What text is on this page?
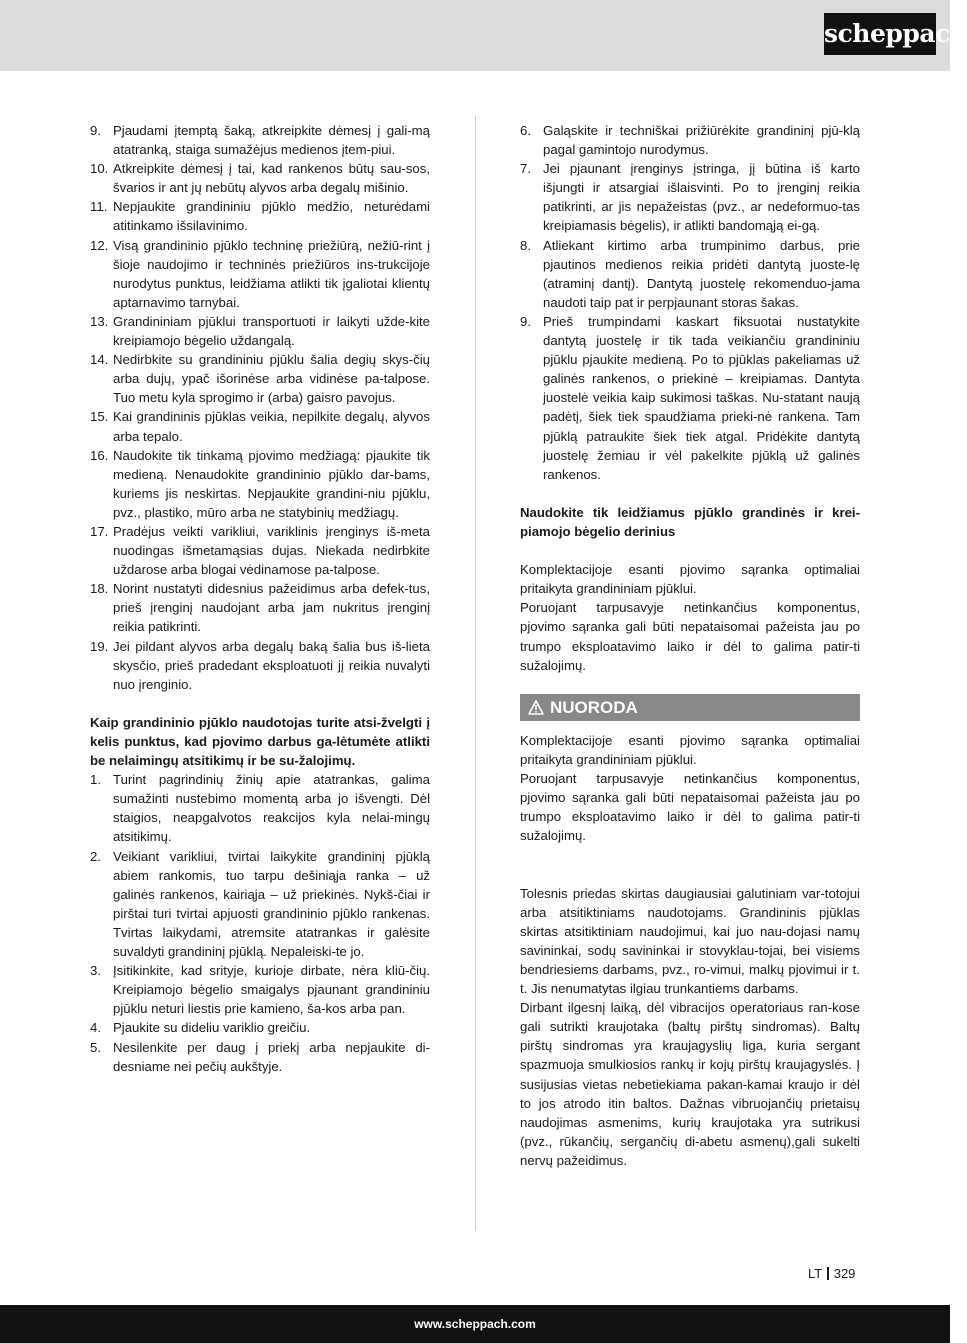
scheppach
9. Pjaudami įtemptą šaką, atkreipkite dėmesį į gali-mą atatranką, staiga sumažėjus medienos įtem-piui.
10. Atkreipkite dėmesį į tai, kad rankenos būtų sau-sos, švarios ir ant jų nebūtų alyvos arba degalų mišinio.
11. Nepjaukite grandininiu pjūklo medžio, neturėdami atitinkamo išsilavinimo.
12. Visą grandininio pjūklo techninę priežiūrą, nežiū-rint į šioje naudojimo ir techninės priežiūros ins-trukcijoje nurodytus punktus, leidžiama atlikti tik įgaliotai klientų aptarnavimo tarnybai.
13. Grandininiam pjūklui transportuoti ir laikyti užde-kite kreipiamojo bėgelio uždangalą.
14. Nedirbkite su grandininiu pjūklu šalia degių skys-čių arba dujų, ypač išorinėse arba vidinėse pa-talpose. Tuo metu kyla sprogimo ir (arba) gaisro pavojus.
15. Kai grandininis pjūklas veikia, nepilkite degalų, alyvos arba tepalo.
16. Naudokite tik tinkamą pjovimo medžiagą: pjaukite tik medieną. Nenaudokite grandininio pjūklo dar-bams, kuriems jis neskirtas. Nepjaukite grandini-niu pjūklu, pvz., plastiko, mūro arba ne statybinių medžiagų.
17. Pradėjus veikti varikliui, variklinis įrenginys iš-meta nuodingas išmetamąsias dujas. Niekada nedirbkite uždarose arba blogai vėdinamose pa-talpose.
18. Norint nustatyti didesnius pažeidimus arba defek-tus, prieš įrenginį naudojant arba jam nukritus įrenginį reikia patikrinti.
19. Jei pildant alyvos arba degalų baką šalia bus iš-lieta skysčio, prieš pradedant eksploatuoti jį reikia nuvalyti nuo įrenginio.

Kaip grandininio pjūklo naudotojas turite atsi-žvelgti į kelis punktus, kad pjovimo darbus ga-lėtumėte atlikti be nelaimingų atsitikimų ir be su-žalojimų.

1. Turint pagrindinių žinių apie atatrankas, galima sumažinti nustebimo momentą arba jo išvengti. Dėl staigios, neapgalvotos reakcijos kyla nelai-mingų atsitikimų.
2. Veikiant varikliui, tvirtai laikykite grandininį pjūklą abiem rankomis, tuo tarpu dešiniąja ranka – už galinės rankenos, kairiąja – už priekinės. Nykš-čiai ir pirštai turi tvirtai apjuosti grandininio pjūklo rankenas. Tvirtas laikydami, atremsite atatrankas ir galėsite suvaldyti grandininį pjūklą. Nepaleiski-te jo.
3. Įsitikinkite, kad srityje, kurioje dirbate, nėra kliū-čių. Kreipiamojo bėgelio smaigalys pjaunant grandininiu pjūklu neturi liestis prie kamieno, ša-kos arba pan.
4. Pjaukite su dideliu variklio greičiu.
5. Nesilenkite per daug į priekį arba nepjaukite di-desniame nei pečių aukštyje.
6. Galąskite ir techniškai prižiūrėkite grandininį pjū-klą pagal gamintojo nurodymus.
7. Jei pjaunant įrenginys įstringa, jį būtina iš karto išjungti ir atsargiai išlaisvinti. Po to įrenginį reikia patikrinti, ar jis nepažeistas (pvz., ar nedeformuo-tas kreipiamasis bėgelis), ir atlikti bandomąją ei-gą.
8. Atliekant kirtimo arba trumpinimo darbus, prie pjautinos medienos reikia pridėti dantytą juoste-lę (atraminį dantį). Dantytą juostelę rekomenduo-jama naudoti taip pat ir perpjaunant storas šakas.
9. Prieš trumpindami kaskart fiksuotai nustatykite dantytą juostelę ir tik tada veikiančiu grandininiu pjūklu pjaukite medieną. Po to pjūklas pakeliamas už galinės rankenos, o priekinė – kreipiamas. Dantyta juostelė veikia kaip sukimosi taškas. Nu-statant naują padėtį, šiek tiek spaudžiama prieki-nė rankena. Tam pjūklą patraukite šiek tiek atgal. Pridėkite dantytą juostelę žemiau ir vėl pakelkite pjūklą už galinės rankenos.

Naudokite tik leidžiamus pjūklo grandinės ir krei-piamojo bėgelio derinius

Komplektacijoje esanti pjovimo sąranka optimaliai pritaikyta grandininiam pjūklui.

Poruojant tarpusavyje netinkančius komponentus, pjovimo sąranka gali būti nepataisomai pažeista jau po trumpo eksploatavimo laiko ir dėl to galima patir-ti sužalojimų.

NUORODA

Komplektacijoje esanti pjovimo sąranka optimaliai pritaikyta grandininiam pjūklui.

Poruojant tarpusavyje netinkančius komponentus, pjovimo sąranka gali būti nepataisomai pažeista jau po trumpo eksploatavimo laiko ir dėl to galima patir-ti sužalojimų.

Tolesnis priedas skirtas daugiausiai galutiniam var-totojui arba atsitiktiniams naudotojams. Grandininis pjūklas skirtas atsitiktiniam naudojimui, kai juo nau-dojasi namų savininkai, sodų savininkai ir stovyklau-tojai, bei visiems bendriesiems darbams, pvz., ro-vimui, malkų pjovimui ir t. t. Jis nenumatytas ilgiau trunkantiems darbams.

Dirbant ilgesnį laiką, dėl vibracijos operatoriaus ran-kose gali sutrikti kraujotaka (baltų pirštų sindromas). Baltų pirštų sindromas yra kraujagyslių liga, kuria sergant spazmuoja smulkiosios rankų ir kojų pirštų kraujagyslės. Į susijusias vietas nebetiekiama pakan-kamai kraujo ir dėl to jos atrodo itin baltos. Dažnas vibruojančių prietaisų naudojimas asmenims, kurių kraujotaka yra sutrikusi (pvz., rūkančių, sergančių di-abetu asmenų),gali sukelti nervų pažeidimus.

LT 329
www.scheppach.com
